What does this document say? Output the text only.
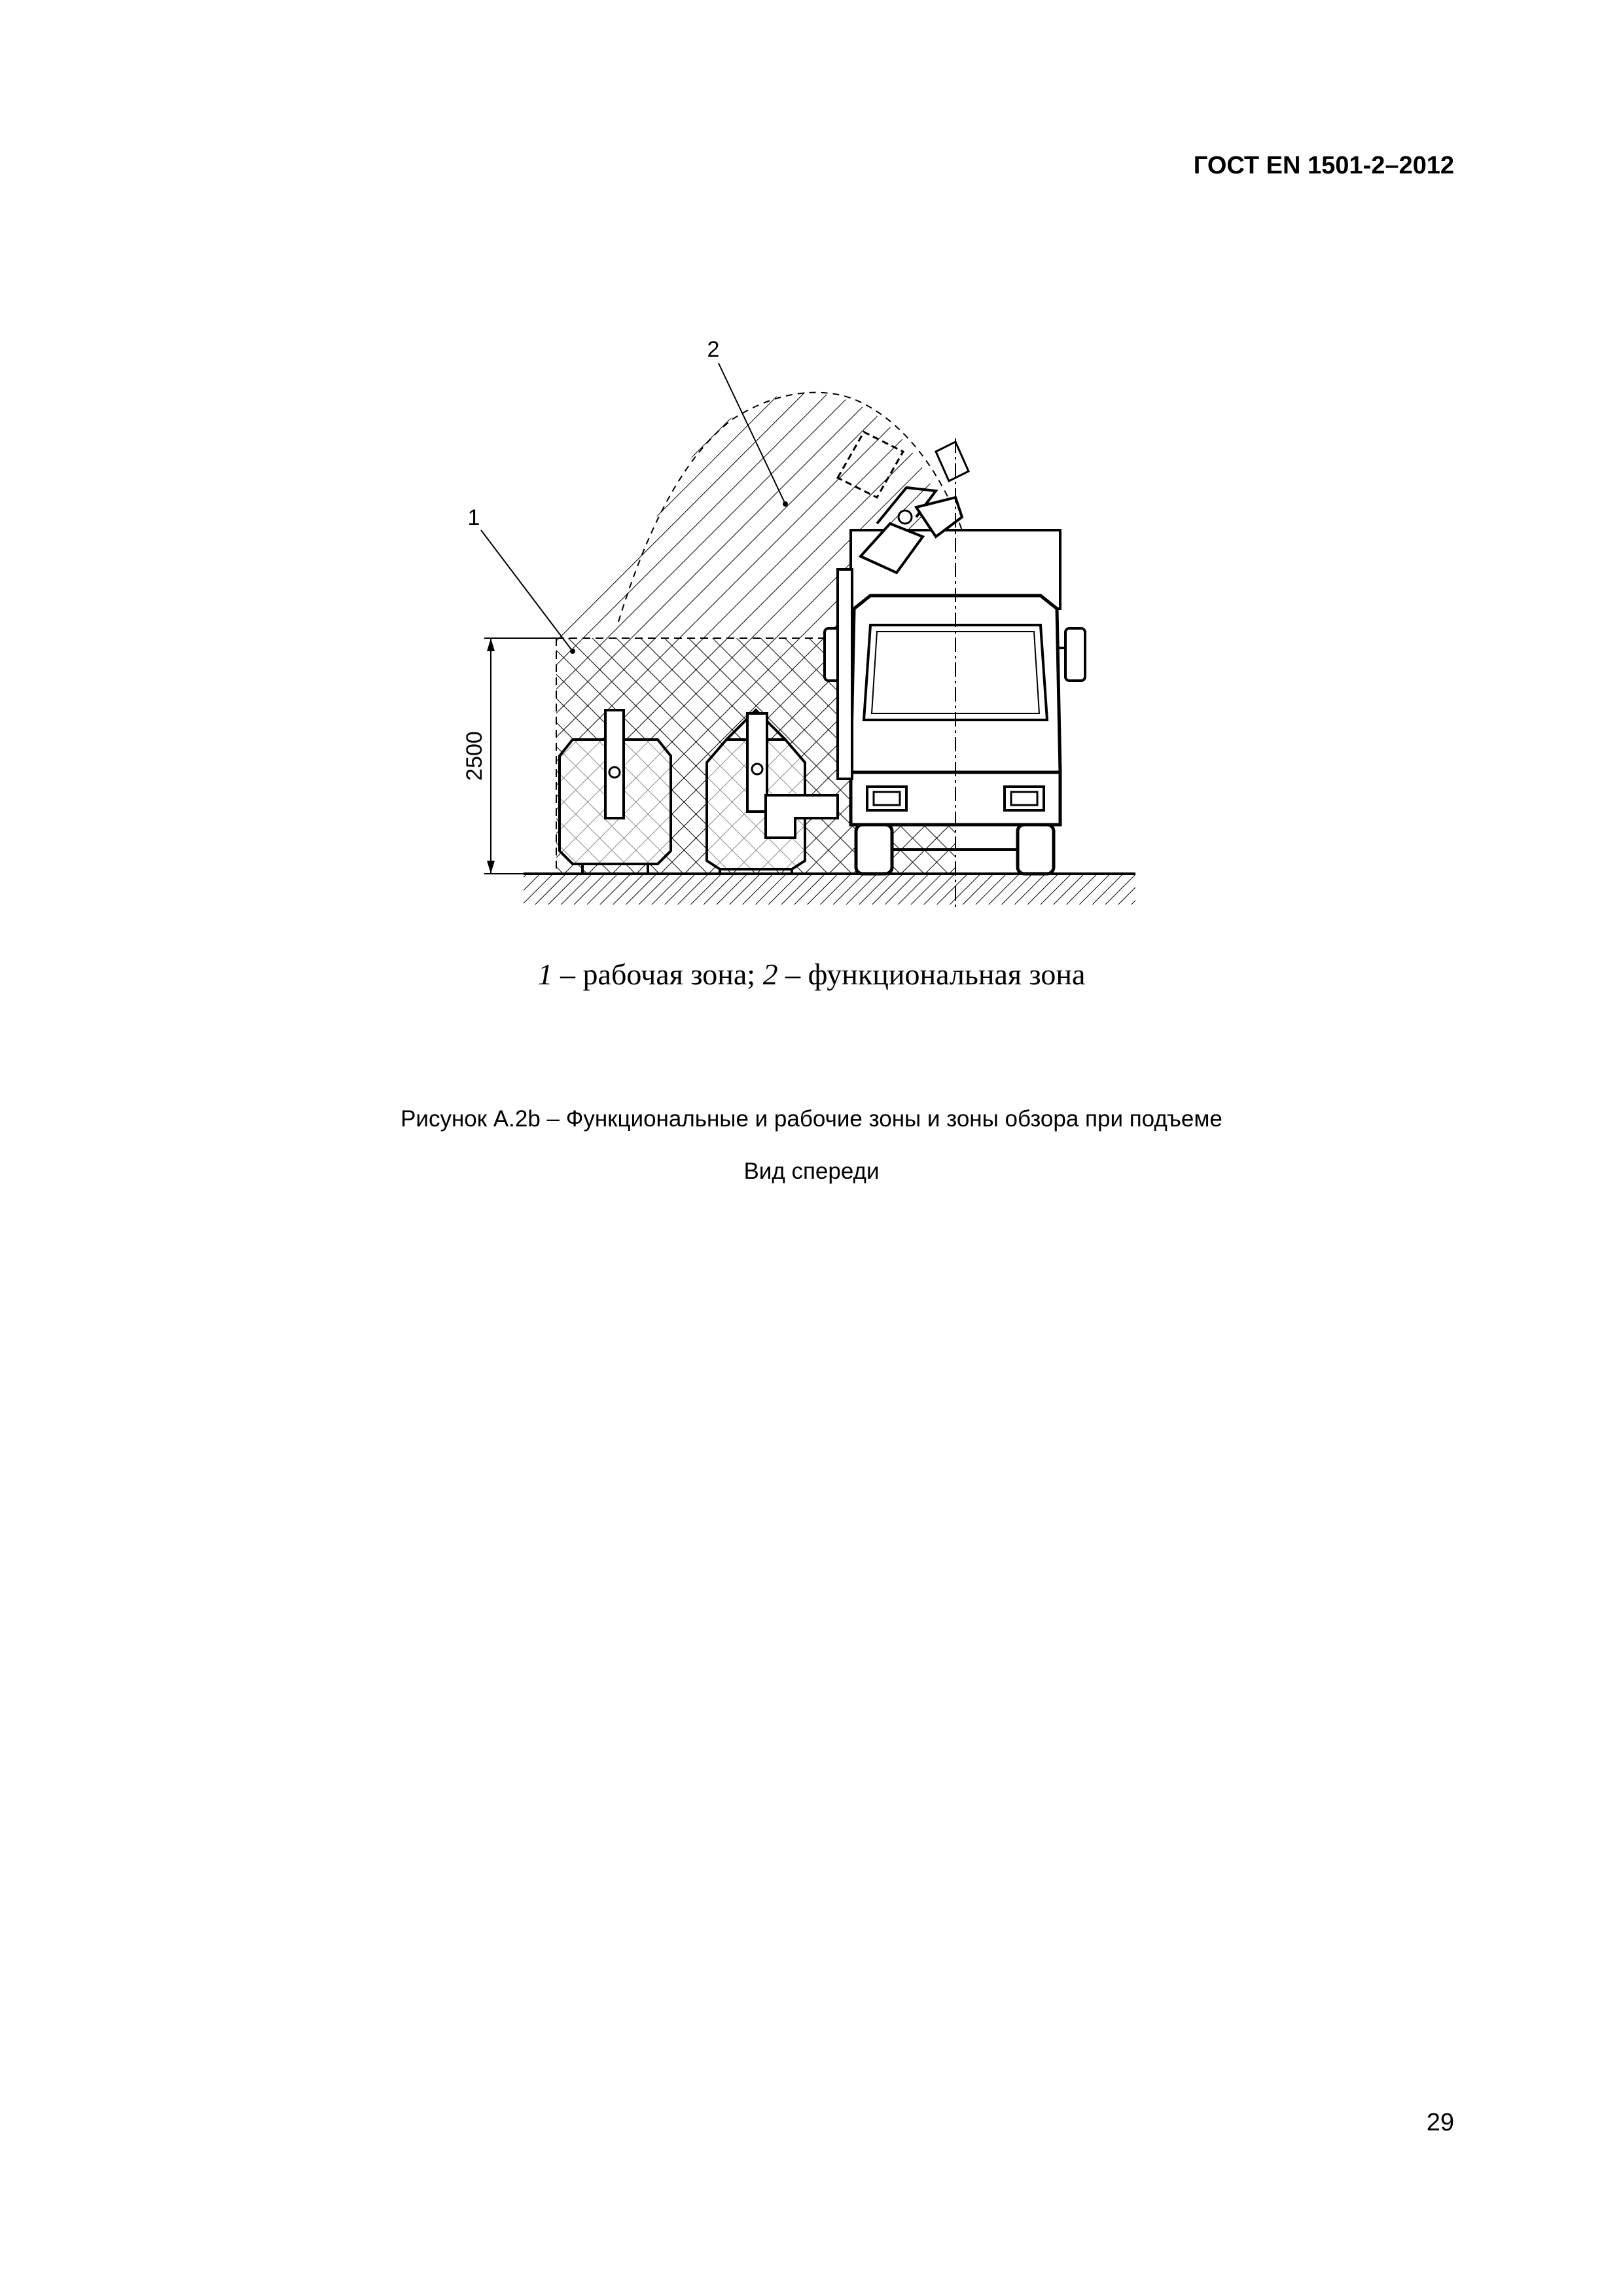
ГОСТ EN 1501-2–2012
2500
1
2
1 – рабочая зона; 2 – функциональная зона
Рисунок А.2b – Функциональные и рабочие зоны и зоны обзора при подъеме
Вид спереди
29
